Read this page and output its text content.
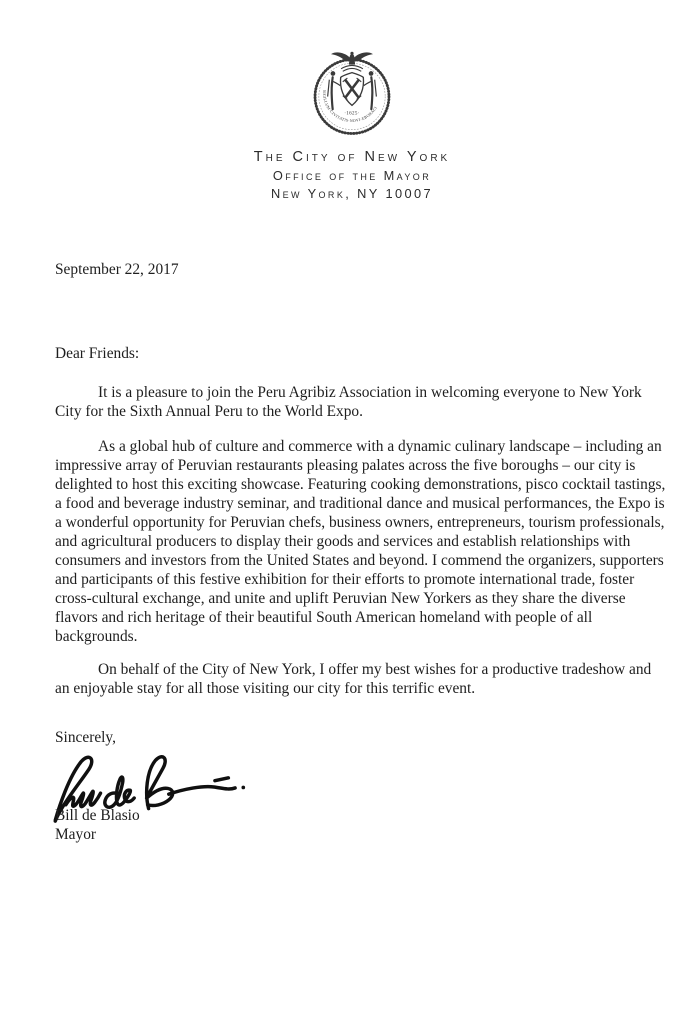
·1625·
SIGILLUM·CIVITATIS·NOVI·EBORACI
The City of New York
Office of the Mayor
New York, NY 10007
September 22, 2017
Dear Friends:

It is a pleasure to join the Peru Agribiz Association in welcoming everyone to New York City for the Sixth Annual Peru to the World Expo.

As a global hub of culture and commerce with a dynamic culinary landscape – including an impressive array of Peruvian restaurants pleasing palates across the five boroughs – our city is delighted to host this exciting showcase. Featuring cooking demonstrations, pisco cocktail tastings, a food and beverage industry seminar, and traditional dance and musical performances, the Expo is a wonderful opportunity for Peruvian chefs, business owners, entrepreneurs, tourism professionals, and agricultural producers to display their goods and services and establish relationships with consumers and investors from the United States and beyond. I commend the organizers, supporters and participants of this festive exhibition for their efforts to promote international trade, foster cross-cultural exchange, and unite and uplift Peruvian New Yorkers as they share the diverse flavors and rich heritage of their beautiful South American homeland with people of all backgrounds.

On behalf of the City of New York, I offer my best wishes for a productive tradeshow and an enjoyable stay for all those visiting our city for this terrific event.

Sincerely,
Bill de Blasio
Mayor
